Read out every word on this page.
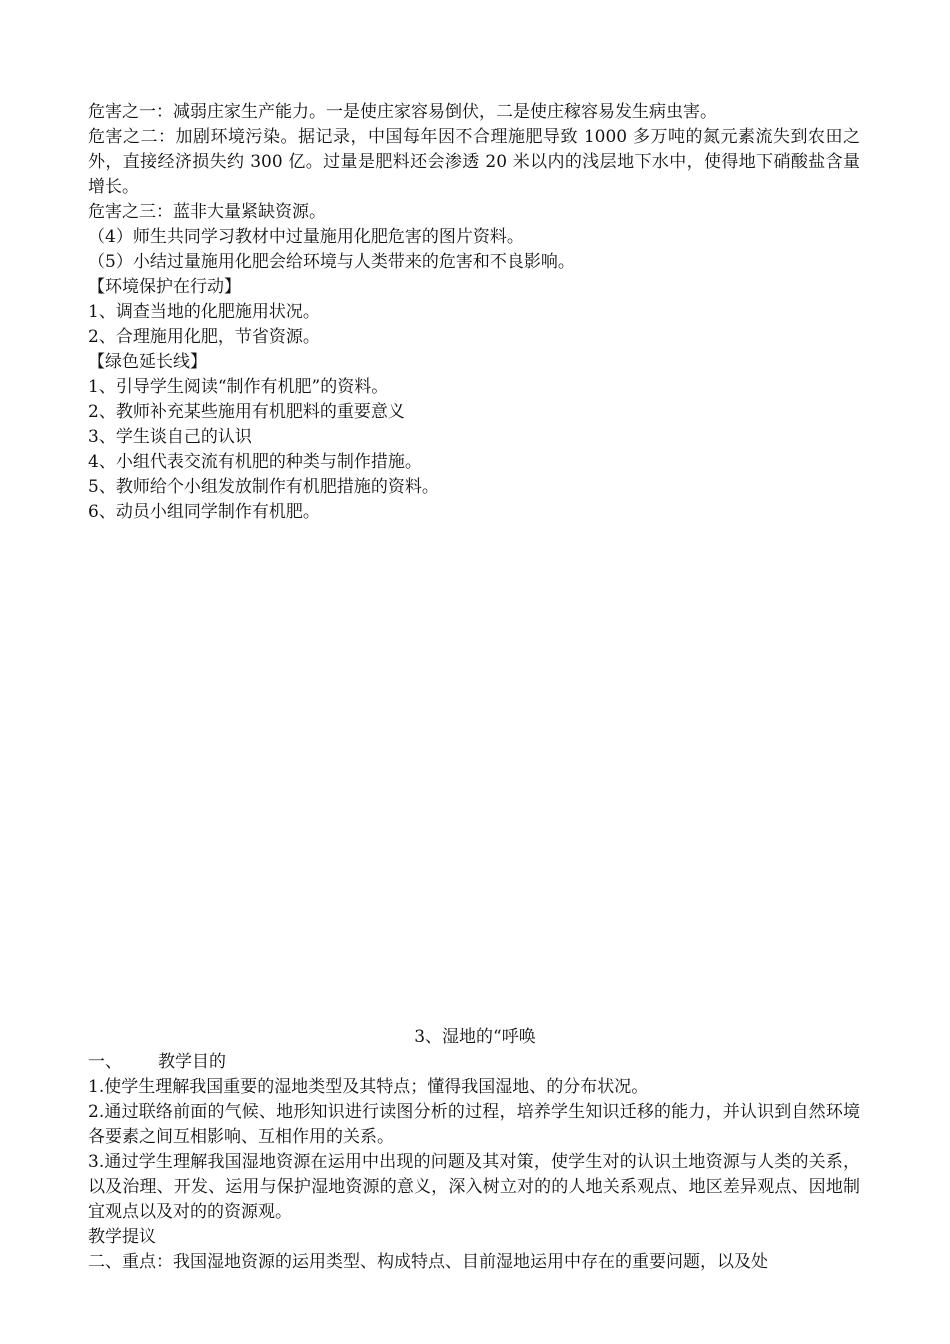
危害之一：减弱庄家生产能力。一是使庄家容易倒伏，二是使庄稼容易发生病虫害。

危害之二：加剧环境污染。据记录，中国每年因不合理施肥导致 1000 多万吨的氮元素流失到农田之外，直接经济损失约 300 亿。过量是肥料还会渗透 20 米以内的浅层地下水中，使得地下硝酸盐含量增长。

危害之三：蓝非大量紧缺资源。

（4）师生共同学习教材中过量施用化肥危害的图片资料。

（5）小结过量施用化肥会给环境与人类带来的危害和不良影响。

【环境保护在行动】

1、调查当地的化肥施用状况。

2、合理施用化肥，节省资源。

【绿色延长线】

1、引导学生阅读“制作有机肥”的资料。

2、教师补充某些施用有机肥料的重要意义

3、学生谈自己的认识

4、小组代表交流有机肥的种类与制作措施。

5、教师给个小组发放制作有机肥措施的资料。

6、动员小组同学制作有机肥。

3、湿地的“呼唤

一、 教学目的

1.使学生理解我国重要的湿地类型及其特点；懂得我国湿地、的分布状况。

2.通过联络前面的气候、地形知识进行读图分析的过程，培养学生知识迁移的能力，并认识到自然环境各要素之间互相影响、互相作用的关系。

3.通过学生理解我国湿地资源在运用中出现的问题及其对策，使学生对的认识土地资源与人类的关系，以及治理、开发、运用与保护湿地资源的意义，深入树立对的的人地关系观点、地区差异观点、因地制宜观点以及对的的资源观。

教学提议

二、重点：我国湿地资源的运用类型、构成特点、目前湿地运用中存在的重要问题，以及处
